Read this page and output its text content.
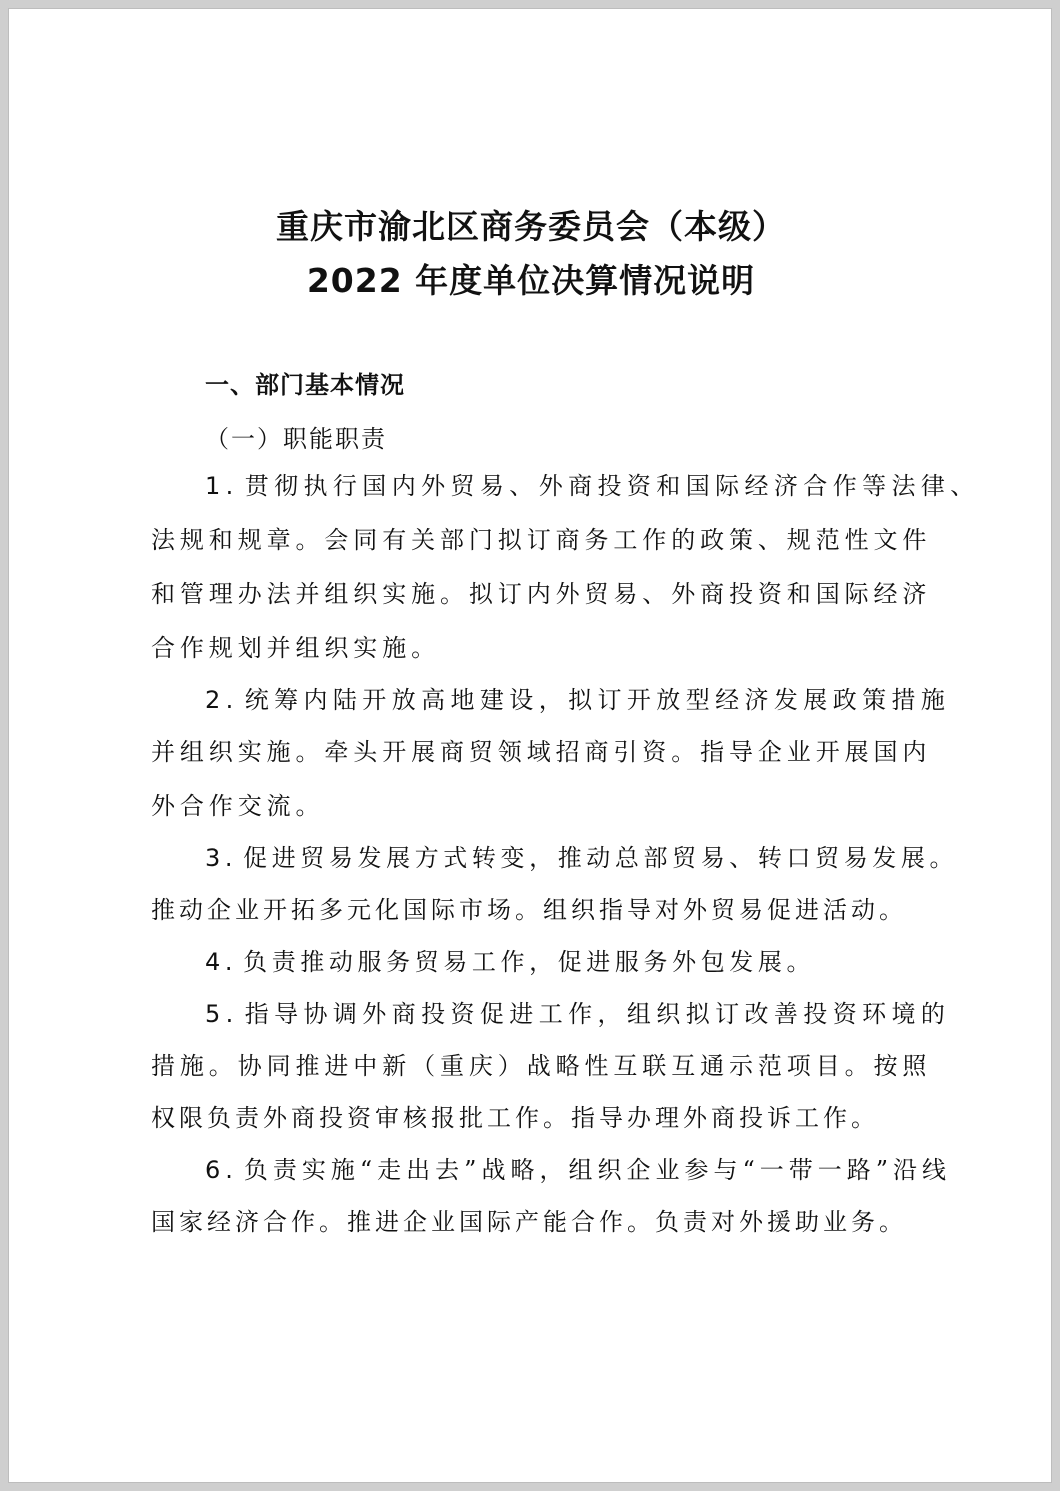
重庆市渝北区商务委员会（本级）
2022 年度单位决算情况说明
一、部门基本情况
（一）职能职责
1. 贯彻执行国内外贸易、外商投资和国际经济合作等法律、
法规和规章。会同有关部门拟订商务工作的政策、规范性文件
和管理办法并组织实施。拟订内外贸易、外商投资和国际经济
合作规划并组织实施。
2. 统筹内陆开放高地建设，拟订开放型经济发展政策措施
并组织实施。牵头开展商贸领域招商引资。指导企业开展国内
外合作交流。
3. 促进贸易发展方式转变，推动总部贸易、转口贸易发展。
推动企业开拓多元化国际市场。组织指导对外贸易促进活动。
4. 负责推动服务贸易工作，促进服务外包发展。
5. 指导协调外商投资促进工作，组织拟订改善投资环境的
措施。协同推进中新（重庆）战略性互联互通示范项目。按照
权限负责外商投资审核报批工作。指导办理外商投诉工作。
6. 负责实施“走出去”战略，组织企业参与“一带一路”沿线
国家经济合作。推进企业国际产能合作。负责对外援助业务。
